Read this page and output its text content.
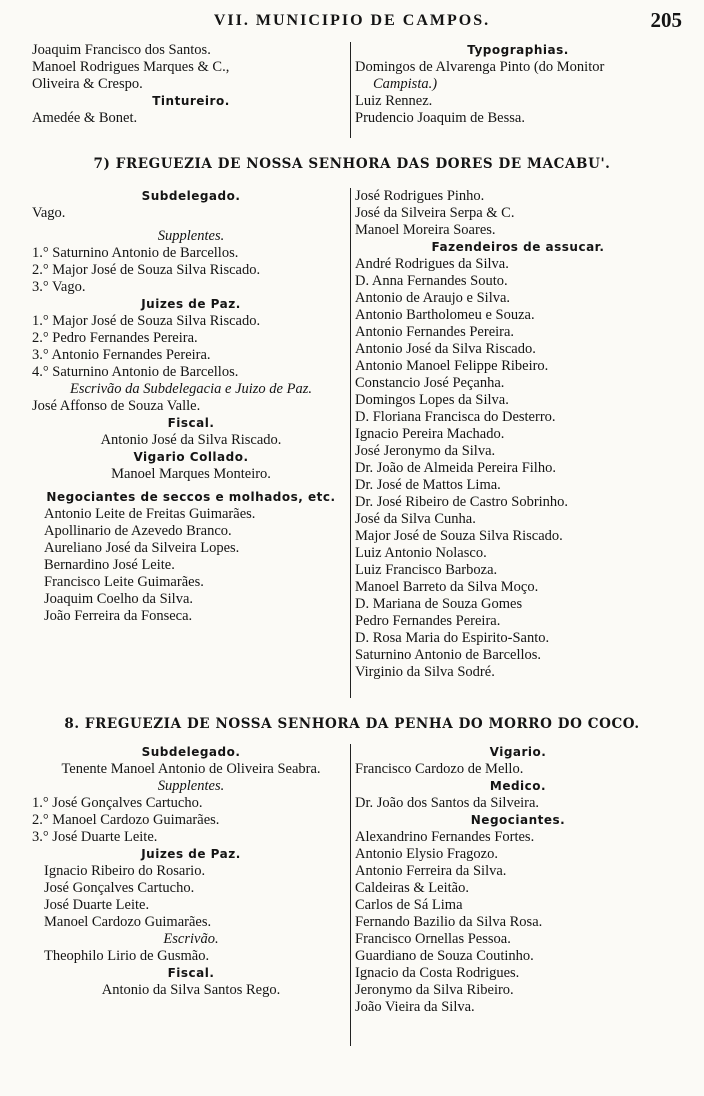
VII. MUNICIPIO DE CAMPOS.	205
Joaquim Francisco dos Santos.
Manoel Rodrigues Marques & C.,
Oliveira & Crespo.
Tintureiro.
Amedée & Bonet.
Typographias.
Domingos de Alvarenga Pinto (do Monitor
Campista.)
Luiz Rennez.
Prudencio Joaquim de Bessa.
7) FREGUEZIA DE NOSSA SENHORA DAS DORES DE MACABU'.
Subdelegado.
Vago.
Supplentes.
1.° Saturnino Antonio de Barcellos.
2.° Major José de Souza Silva Riscado.
3.° Vago.
Juizes de Paz.
1.° Major José de Souza Silva Riscado.
2.° Pedro Fernandes Pereira.
3.° Antonio Fernandes Pereira.
4.° Saturnino Antonio de Barcellos.
Escrivão da Subdelegacia e Juizo de Paz.
José Affonso de Souza Valle.
Fiscal.
Antonio José da Silva Riscado.
Vigario Collado.
Manoel Marques Monteiro.
Negociantes de seccos e molhados, etc.
Antonio Leite de Freitas Guimarães.
Apollinario de Azevedo Branco.
Aureliano José da Silveira Lopes.
Bernardino José Leite.
Francisco Leite Guimarães.
Joaquim Coelho da Silva.
João Ferreira da Fonseca.
José Rodrigues Pinho.
José da Silveira Serpa & C.
Manoel Moreira Soares.
Fazendeiros de assucar.
André Rodrigues da Silva.
D. Anna Fernandes Souto.
Antonio de Araujo e Silva.
Antonio Bartholomeu e Souza.
Antonio Fernandes Pereira.
Antonio José da Silva Riscado.
Antonio Manoel Felippe Ribeiro.
Constancio José Peçanha.
Domingos Lopes da Silva.
D. Floriana Francisca do Desterro.
Ignacio Pereira Machado.
José Jeronymo da Silva.
Dr. João de Almeida Pereira Filho.
Dr. José de Mattos Lima.
Dr. José Ribeiro de Castro Sobrinho.
José da Silva Cunha.
Major José de Souza Silva Riscado.
Luiz Antonio Nolasco.
Luiz Francisco Barboza.
Manoel Barreto da Silva Moço.
D. Mariana de Souza Gomes
Pedro Fernandes Pereira.
D. Rosa Maria do Espirito-Santo.
Saturnino Antonio de Barcellos.
Virginio da Silva Sodré.
8. FREGUEZIA DE NOSSA SENHORA DA PENHA DO MORRO DO COCO.
Subdelegado.
Tenente Manoel Antonio de Oliveira Seabra.
Supplentes.
1.° José Gonçalves Cartucho.
2.° Manoel Cardozo Guimarães.
3.° José Duarte Leite.
Juizes de Paz.
Ignacio Ribeiro do Rosario.
José Gonçalves Cartucho.
José Duarte Leite.
Manoel Cardozo Guimarães.
Escrivão.
Theophilo Lirio de Gusmão.
Fiscal.
Antonio da Silva Santos Rego.
Vigario.
Francisco Cardozo de Mello.
Medico.
Dr. João dos Santos da Silveira.
Negociantes.
Alexandrino Fernandes Fortes.
Antonio Elysio Fragozo.
Antonio Ferreira da Silva.
Caldeiras & Leitão.
Carlos de Sá Lima
Fernando Bazilio da Silva Rosa.
Francisco Ornellas Pessoa.
Guardiano de Souza Coutinho.
Ignacio da Costa Rodrigues.
Jeronymo da Silva Ribeiro.
João Vieira da Silva.
